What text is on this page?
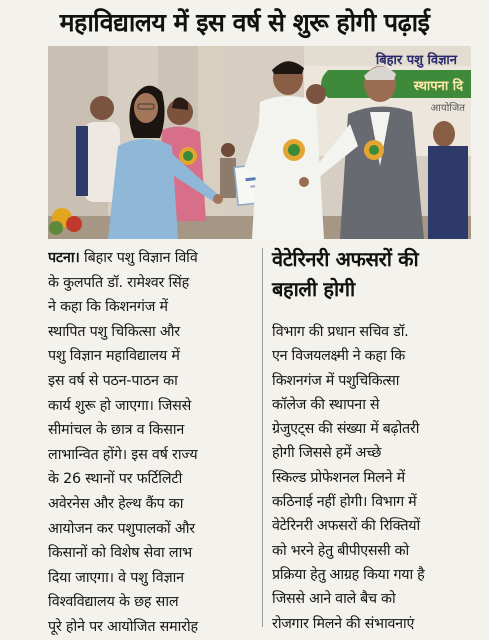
महाविद्यालय में इस वर्ष से शुरू होगी पढ़ाई
बिहार पशु विज्ञान
स्थापना दि
आयोजित
पटना। बिहार पशु विज्ञान विवि
के कुलपति डॉ. रामेश्वर सिंह
ने कहा कि किशनगंज में
स्थापित पशु चिकित्सा और
पशु विज्ञान महाविद्यालय में
इस वर्ष से पठन-पाठन का
कार्य शुरू हो जाएगा। जिससे
सीमांचल के छात्र व किसान
लाभान्वित होंगे। इस वर्ष राज्य
के 26 स्थानों पर फर्टिलिटी
अवेरनेस और हेल्थ कैंप का
आयोजन कर पशुपालकों और
किसानों को विशेष सेवा लाभ
दिया जाएगा। वे पशु विज्ञान
विश्वविद्यालय के छह साल
पूरे होने पर आयोजित समारोह
वेटेरिनरी अफसरों की
बहाली होगी
विभाग की प्रधान सचिव डॉ.
एन विजयलक्ष्मी ने कहा कि
किशनगंज में पशुचिकित्सा
कॉलेज की स्थापना से
ग्रेजुएट्स की संख्या में बढ़ोतरी
होगी जिससे हमें अच्छे
स्किल्ड प्रोफेशनल मिलने में
कठिनाई नहीं होगी। विभाग में
वेटेरिनरी अफसरों की रिक्तियों
को भरने हेतु बीपीएससी को
प्रक्रिया हेतु आग्रह किया गया है
जिससे आने वाले बैच को
रोजगार मिलने की संभावनाएं
